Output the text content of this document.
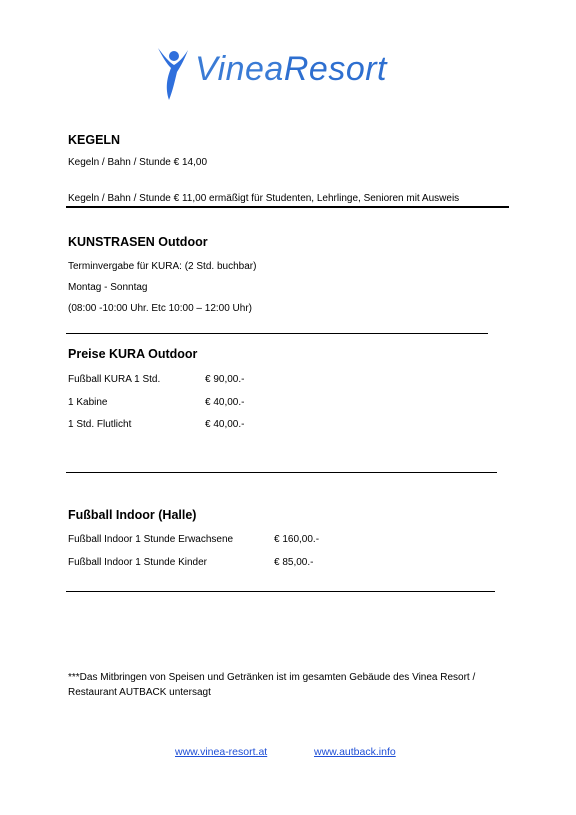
VineaResort
KEGELN
Kegeln / Bahn / Stunde € 14,00
Kegeln / Bahn / Stunde € 11,00 ermäßigt für Studenten, Lehrlinge, Senioren mit Ausweis
KUNSTRASEN Outdoor
Terminvergabe für KURA: (2 Std. buchbar)
Montag - Sonntag
(08:00 -10:00 Uhr. Etc 10:00 – 12:00 Uhr)
Preise KURA Outdoor
Fußball KURA 1 Std.	€ 90,00.-
1 Kabine	€ 40,00.-
1 Std. Flutlicht	€ 40,00.-
Fußball Indoor (Halle)
Fußball Indoor 1 Stunde Erwachsene	€ 160,00.-
Fußball Indoor 1 Stunde Kinder	€ 85,00.-
***Das Mitbringen von Speisen und Getränken ist im gesamten Gebäude des Vinea Resort /
Restaurant AUTBACK untersagt
www.vinea-resort.at	www.autback.info
